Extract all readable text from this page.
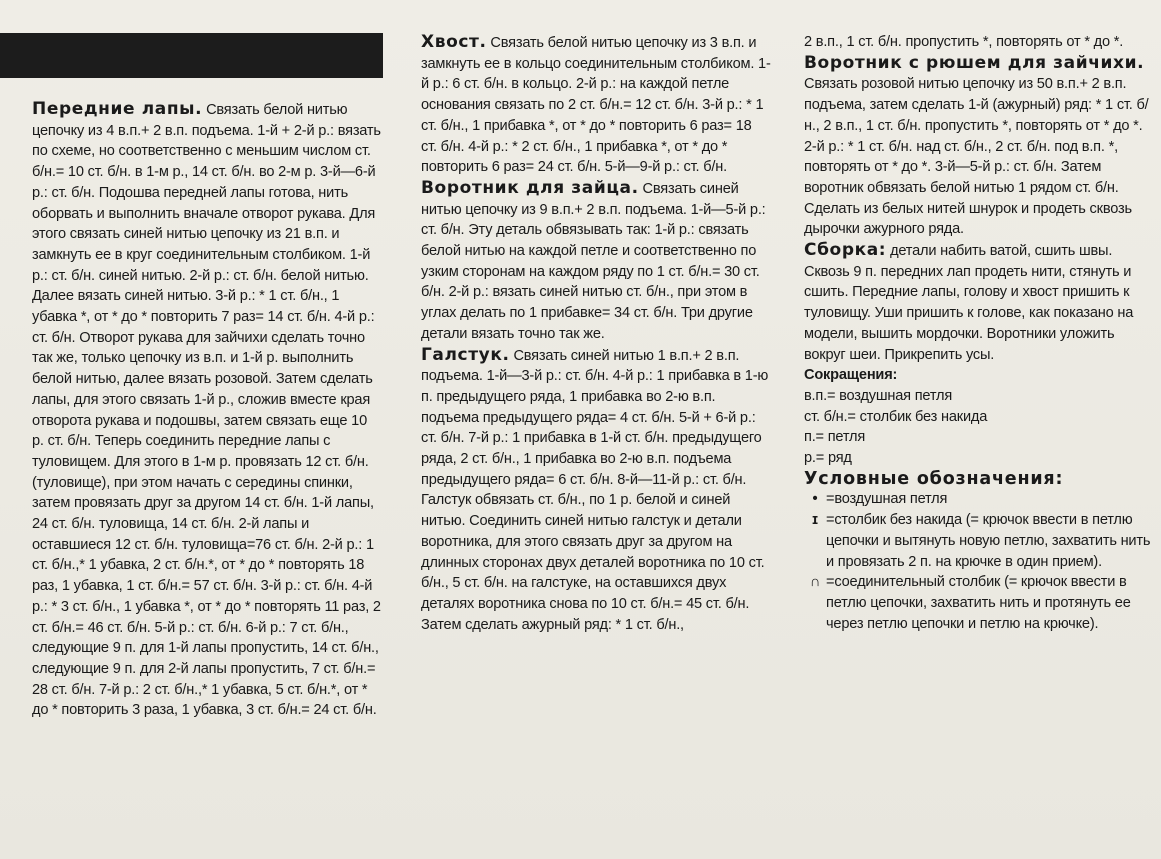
Передние лапы. Связать белой нитью цепочку из 4 в.п.+ 2 в.п. подъема. 1-й + 2-й р.: вязать по схеме, но соответственно с меньшим числом ст. б/н.= 10 ст. б/н. в 1-м р., 14 ст. б/н. во 2-м р. 3-й—6-й р.: ст. б/н. Подошва передней лапы готова, нить оборвать и выполнить вначале отворот рукава. Для этого связать синей нитью цепочку из 21 в.п. и замкнуть ее в круг соединительным столбиком. 1-й р.: ст. б/н. синей нитью. 2-й р.: ст. б/н. белой нитью. Далее вязать синей нитью. 3-й р.: * 1 ст. б/н., 1 убавка *, от * до * повторить 7 раз= 14 ст. б/н. 4-й р.: ст. б/н. Отворот рукава для зайчихи сделать точно так же, только цепочку из в.п. и 1-й р. выполнить белой нитью, далее вязать розовой. Затем сделать лапы, для этого связать 1-й р., сложив вместе края отворота рукава и подошвы, затем связать еще 10 р. ст. б/н. Теперь соединить передние лапы с туловищем. Для этого в 1-м р. провязать 12 ст. б/н. (туловище), при этом начать с середины спинки, затем провязать друг за другом 14 ст. б/н. 1-й лапы, 24 ст. б/н. туловища, 14 ст. б/н. 2-й лапы и оставшиеся 12 ст. б/н. туловища=76 ст. б/н. 2-й р.: 1 ст. б/н.,* 1 убавка, 2 ст. б/н.*, от * до * повторять 18 раз, 1 убавка, 1 ст. б/н.= 57 ст. б/н. 3-й р.: ст. б/н. 4-й р.: * 3 ст. б/н., 1 убавка *, от * до * повторять 11 раз, 2 ст. б/н.= 46 ст. б/н. 5-й р.: ст. б/н. 6-й р.: 7 ст. б/н., следующие 9 п. для 1-й лапы пропустить, 14 ст. б/н., следующие 9 п. для 2-й лапы пропустить, 7 ст. б/н.= 28 ст. б/н. 7-й р.: 2 ст. б/н.,* 1 убавка, 5 ст. б/н.*, от * до * повторить 3 раза, 1 убавка, 3 ст. б/н.= 24 ст. б/н.

Хвост. Связать белой нитью цепочку из 3 в.п. и замкнуть ее в кольцо соединительным столбиком. 1-й р.: 6 ст. б/н. в кольцо. 2-й р.: на каждой петле основания связать по 2 ст. б/н.= 12 ст. б/н. 3-й р.: * 1 ст. б/н., 1 прибавка *, от * до * повторить 6 раз= 18 ст. б/н. 4-й р.: * 2 ст. б/н., 1 прибавка *, от * до * повторить 6 раз= 24 ст. б/н. 5-й—9-й р.: ст. б/н.

Воротник для зайца. Связать синей нитью цепочку из 9 в.п.+ 2 в.п. подъема. 1-й—5-й р.: ст. б/н. Эту деталь обвязывать так: 1-й р.: связать белой нитью на каждой петле и соответственно по узким сторонам на каждом ряду по 1 ст. б/н.= 30 ст. б/н. 2-й р.: вязать синей нитью ст. б/н., при этом в углах делать по 1 прибавке= 34 ст. б/н. Три другие детали вязать точно так же.

Галстук. Связать синей нитью 1 в.п.+ 2 в.п. подъема. 1-й—3-й р.: ст. б/н. 4-й р.: 1 прибавка в 1-ю п. предыдущего ряда, 1 прибавка во 2-ю в.п. подъема предыдущего ряда= 4 ст. б/н. 5-й + 6-й р.: ст. б/н. 7-й р.: 1 прибавка в 1-й ст. б/н. предыдущего ряда, 2 ст. б/н., 1 прибавка во 2-ю в.п. подъема предыдущего ряда= 6 ст. б/н. 8-й—11-й р.: ст. б/н. Галстук обвязать ст. б/н., по 1 р. белой и синей нитью. Соединить синей нитью галстук и детали воротника, для этого связать друг за другом на длинных сторонах двух деталей воротника по 10 ст. б/н., 5 ст. б/н. на галстуке, на оставшихся двух деталях воротника снова по 10 ст. б/н.= 45 ст. б/н. Затем сделать ажурный ряд: * 1 ст. б/н.,

2 в.п., 1 ст. б/н. пропустить *, повторять от * до *.

Воротник с рюшем для зайчихи. Связать розовой нитью цепочку из 50 в.п.+ 2 в.п. подъема, затем сделать 1-й (ажурный) ряд: * 1 ст. б/н., 2 в.п., 1 ст. б/н. пропустить *, повторять от * до *. 2-й р.: * 1 ст. б/н. над ст. б/н., 2 ст. б/н. под в.п. *, повторять от * до *. 3-й—5-й р.: ст. б/н. Затем воротник обвязать белой нитью 1 рядом ст. б/н. Сделать из белых нитей шнурок и продеть сквозь дырочки ажурного ряда.

Сборка: детали набить ватой, сшить швы. Сквозь 9 п. передних лап продеть нити, стянуть и сшить. Передние лапы, голову и хвост пришить к туловищу. Уши пришить к голове, как показано на модели, вышить мордочки. Воротники уложить вокруг шеи. Прикрепить усы.

Сокращения:

в.п.= воздушная петля

ст. б/н.= столбик без накида

п.= петля

р.= ряд

Условные обозначения:

• =воздушная петля
ɪ =столбик без накида (= крючок ввести в петлю цепочки и вытянуть новую петлю, захватить нить и провязать 2 п. на крючке в один прием).
∩ =соединительный столбик (= крючок ввести в петлю цепочки, захватить нить и протянуть ее через петлю цепочки и петлю на крючке).
